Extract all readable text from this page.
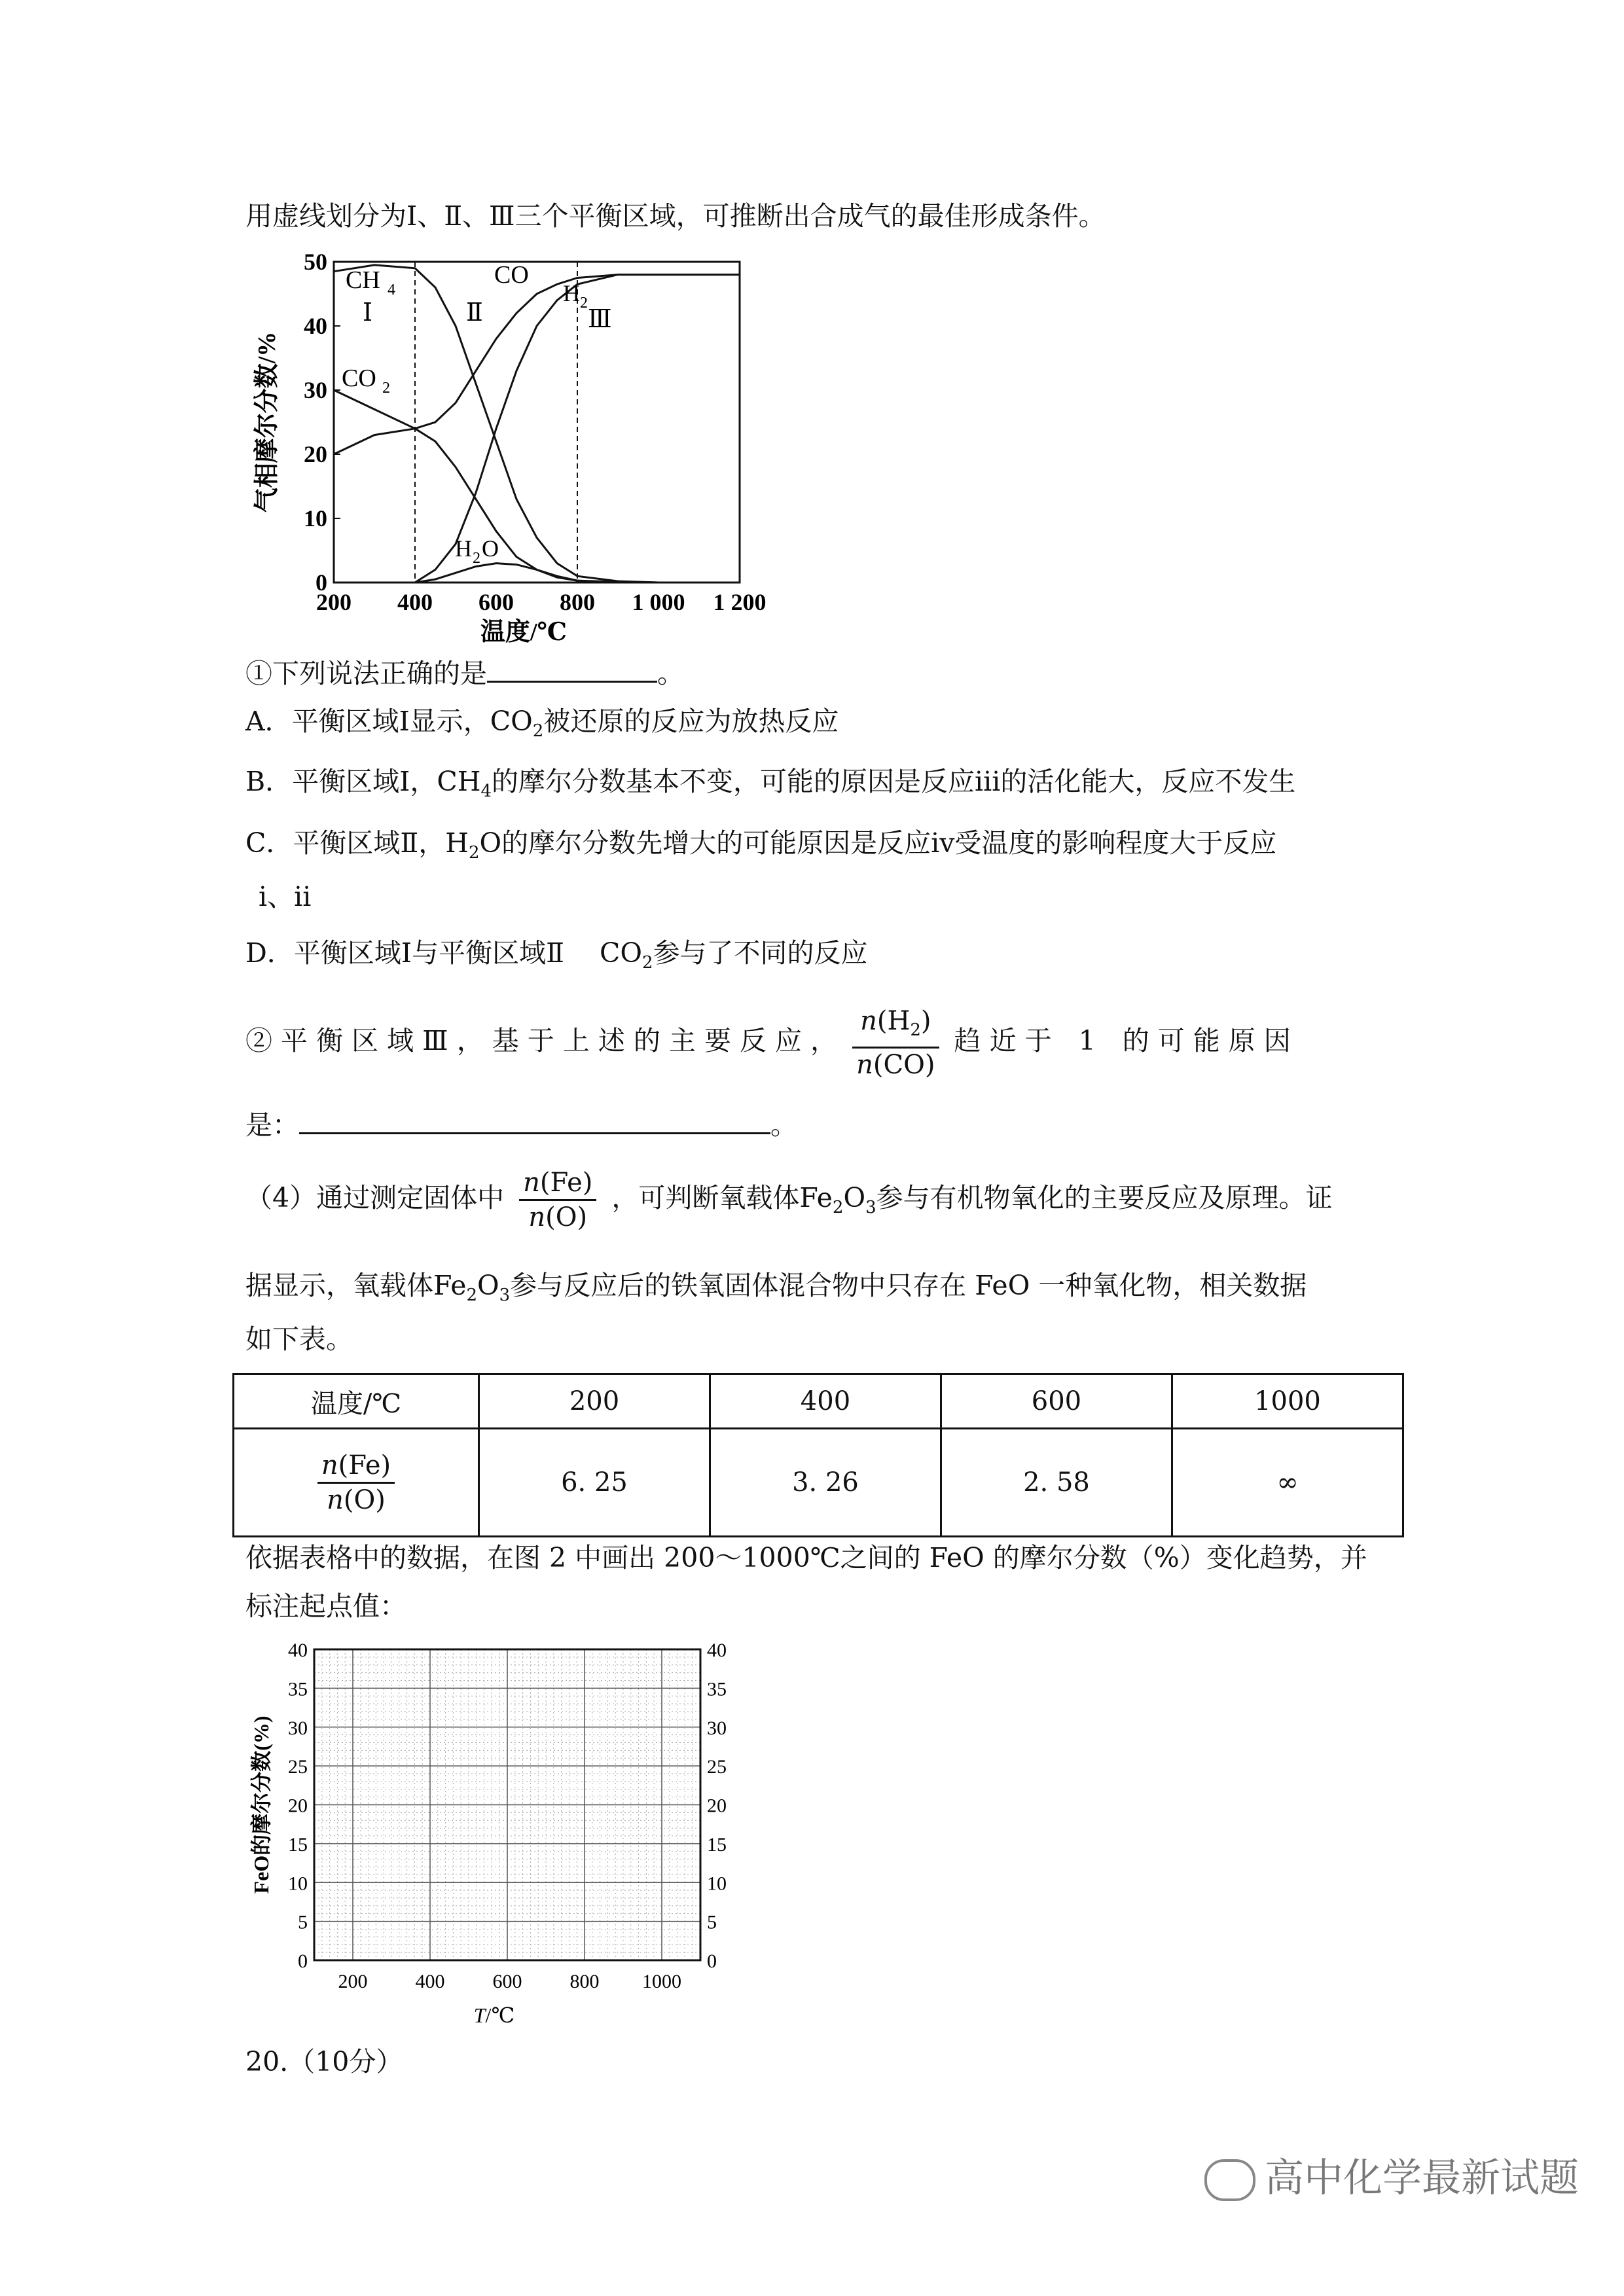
用虚线划分为Ⅰ、Ⅱ、Ⅲ三个平衡区域，可推断出合成气的最佳形成条件。
0
10
20
30
40
50
200 400 600 800 1 000 1 200
温度/℃
气相摩尔分数/%
CH 4
Ⅰ
CO 2
Ⅱ
CO
H 2
Ⅲ
H 2 O
①下列说法正确的是	。
A．平衡区域Ⅰ显示，$CO_2$被还原的反应为放热反应
B．平衡区域Ⅰ，$CH_4$的摩尔分数基本不变，可能的原因是反应iii的活化能大，反应不发生
C．平衡区域Ⅱ，$H_2O$的摩尔分数先增大的可能原因是反应iv受温度的影响程度大于反应
ⅰ、ⅱ
D．平衡区域Ⅰ与平衡区域Ⅱ　 $CO_2$参与了不同的反应
② 平 衡 区 域 Ⅲ ， 基 于 上 述 的 主 要 反 应 ， $\frac{n(H_2)}{n(CO)}$ 趋 近 于　1　的 可 能 原 因
是：	。
（4）通过测定固体中 $\frac{n(Fe)}{n(O)}$ ，可判断氧载体$Fe_2O_3$参与有机物氧化的主要反应及原理。证
据显示，氧载体$Fe_2O_3$参与反应后的铁氧固体混合物中只存在 FeO 一种氧化物，相关数据
如下表。
温度/℃	200	400	600	1000

$\frac{n(Fe)}{n(O)}$	6. 25	3. 26	2. 58	∞
依据表格中的数据，在图 2 中画出 200～1000℃之间的 FeO 的摩尔分数（%）变化趋势，并
标注起点值：
0	0
5	5
10	10
15	15
20	20
25	25
30	30
35	35
40	40
200 400 600 800 1000
T/℃
FeO的摩尔分数(%)
20.（10分）
高中化学最新试题
